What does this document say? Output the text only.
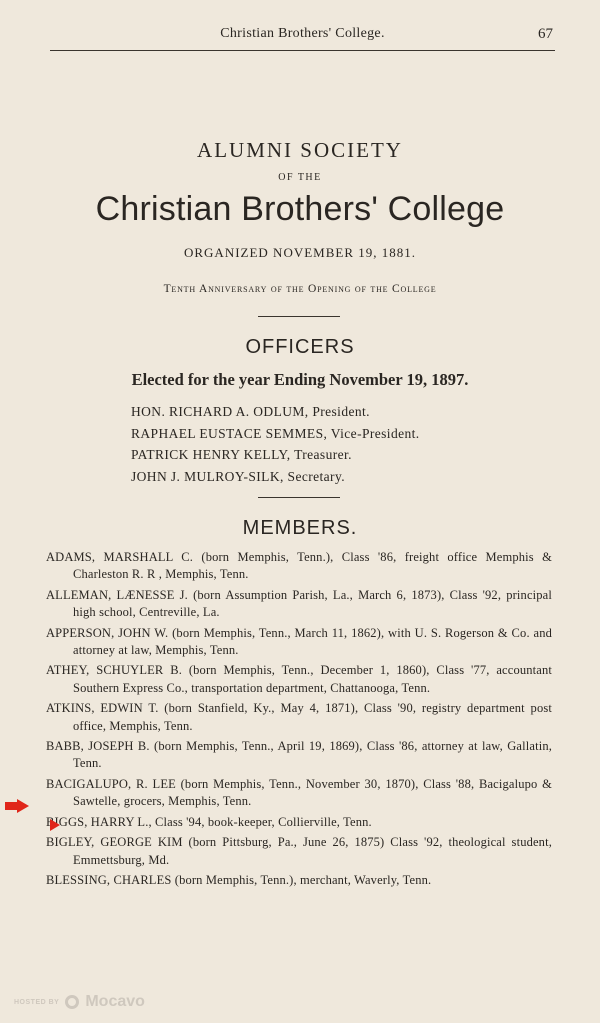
Christian Brothers' College.	67
ALUMNI SOCIETY
OF THE
Christian Brothers' College
ORGANIZED NOVEMBER 19, 1881.
Tenth Anniversary of the Opening of the College
OFFICERS
Elected for the year Ending November 19, 1897.
HON. RICHARD A. ODLUM, President.
RAPHAEL EUSTACE SEMMES, Vice-President.
PATRICK HENRY KELLY, Treasurer.
JOHN J. MULROY-SILK, Secretary.
MEMBERS.
ADAMS, MARSHALL C. (born Memphis, Tenn.), Class '86, freight office Memphis & Charleston R. R , Memphis, Tenn.
ALLEMAN, LÆNESSE J. (born Assumption Parish, La., March 6, 1873), Class '92, principal high school, Centreville, La.
APPERSON, JOHN W. (born Memphis, Tenn., March 11, 1862), with U. S. Rogerson & Co. and attorney at law, Memphis, Tenn.
ATHEY, SCHUYLER B. (born Memphis, Tenn., December 1, 1860), Class '77, accountant Southern Express Co., transportation department, Chattanooga, Tenn.
ATKINS, EDWIN T. (born Stanfield, Ky., May 4, 1871), Class '90, registry department post office, Memphis, Tenn.
BABB, JOSEPH B. (born Memphis, Tenn., April 19, 1869), Class '86, attorney at law, Gallatin, Tenn.
BACIGALUPO, R. LEE (born Memphis, Tenn., November 30, 1870), Class '88, Bacigalupo & Sawtelle, grocers, Memphis, Tenn.
BIGGS, HARRY L., Class '94, book-keeper, Collierville, Tenn.
BIGLEY, GEORGE KIM (born Pittsburg, Pa., June 26, 1875) Class '92, theological student, Emmettsburg, Md.
BLESSING, CHARLES (born Memphis, Tenn.), merchant, Waverly, Tenn.
HOSTED BY Mocavo
